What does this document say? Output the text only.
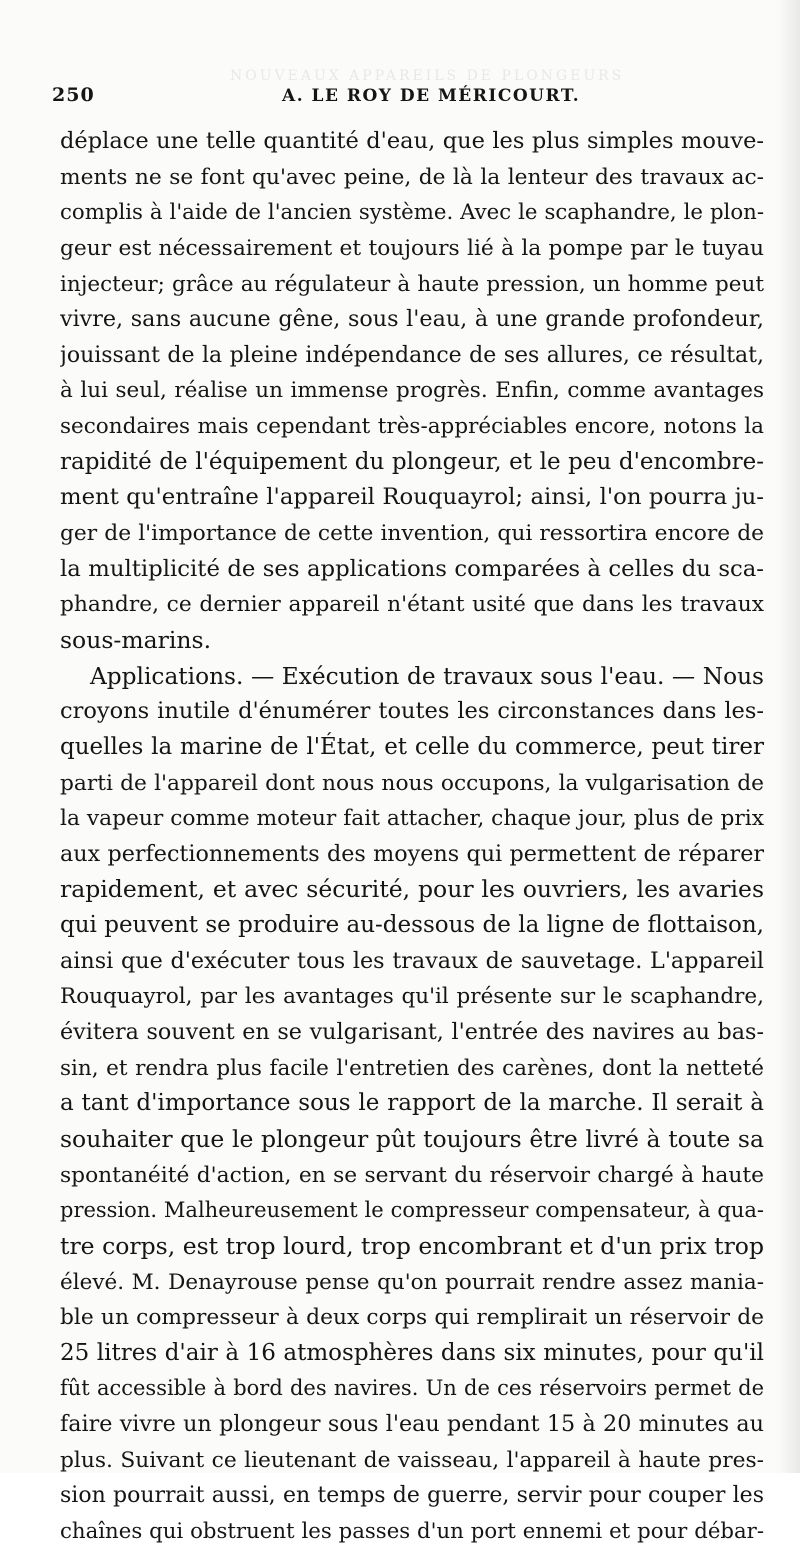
NOUVEAUX APPAREILS DE PLONGEURS
250	A. LE ROY DE MÉRICOURT.
déplace une telle quantité d'eau, que les plus simples mouve-
ments ne se font qu'avec peine, de là la lenteur des travaux ac-
complis à l'aide de l'ancien système. Avec le scaphandre, le plon-
geur est nécessairement et toujours lié à la pompe par le tuyau
injecteur; grâce au régulateur à haute pression, un homme peut
vivre, sans aucune gêne, sous l'eau, à une grande profondeur,
jouissant de la pleine indépendance de ses allures, ce résultat,
à lui seul, réalise un immense progrès. Enfin, comme avantages
secondaires mais cependant très-appréciables encore, notons la
rapidité de l'équipement du plongeur, et le peu d'encombre-
ment qu'entraîne l'appareil Rouquayrol; ainsi, l'on pourra ju-
ger de l'importance de cette invention, qui ressortira encore de
la multiplicité de ses applications comparées à celles du sca-
phandre, ce dernier appareil n'étant usité que dans les travaux
sous-marins.
Applications. — Exécution de travaux sous l'eau. — Nous
croyons inutile d'énumérer toutes les circonstances dans les-
quelles la marine de l'État, et celle du commerce, peut tirer
parti de l'appareil dont nous nous occupons, la vulgarisation de
la vapeur comme moteur fait attacher, chaque jour, plus de prix
aux perfectionnements des moyens qui permettent de réparer
rapidement, et avec sécurité, pour les ouvriers, les avaries
qui peuvent se produire au-dessous de la ligne de flottaison,
ainsi que d'exécuter tous les travaux de sauvetage. L'appareil
Rouquayrol, par les avantages qu'il présente sur le scaphandre,
évitera souvent en se vulgarisant, l'entrée des navires au bas-
sin, et rendra plus facile l'entretien des carènes, dont la netteté
a tant d'importance sous le rapport de la marche. Il serait à
souhaiter que le plongeur pût toujours être livré à toute sa
spontanéité d'action, en se servant du réservoir chargé à haute
pression. Malheureusement le compresseur compensateur, à qua-
tre corps, est trop lourd, trop encombrant et d'un prix trop
élevé. M. Denayrouse pense qu'on pourrait rendre assez mania-
ble un compresseur à deux corps qui remplirait un réservoir de
25 litres d'air à 16 atmosphères dans six minutes, pour qu'il
fût accessible à bord des navires. Un de ces réservoirs permet de
faire vivre un plongeur sous l'eau pendant 15 à 20 minutes au
plus. Suivant ce lieutenant de vaisseau, l'appareil à haute pres-
sion pourrait aussi, en temps de guerre, servir pour couper les
chaînes qui obstruent les passes d'un port ennemi et pour débar-
